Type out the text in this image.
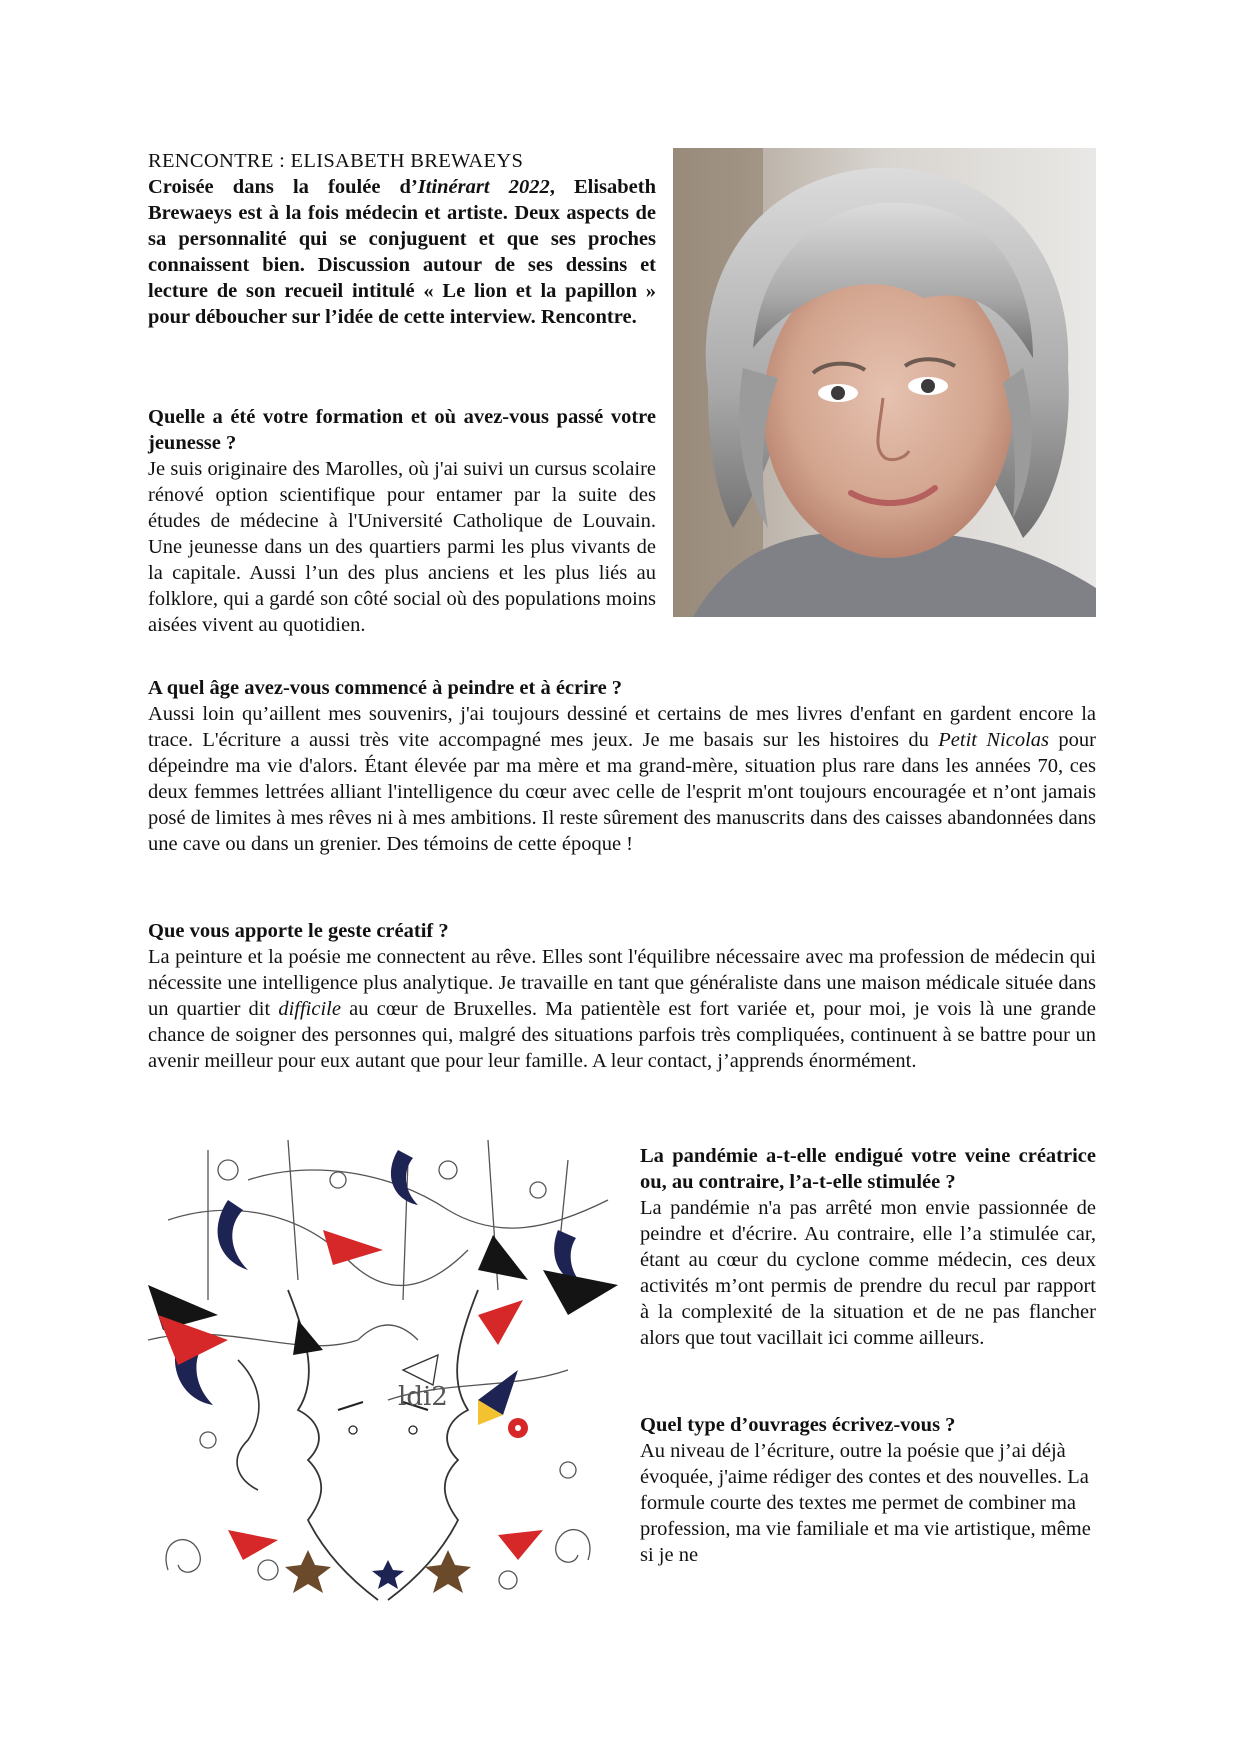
RENCONTRE : ELISABETH BREWAEYS

Croisée dans la foulée d’Itinérart 2022, Elisabeth Brewaeys est à la fois médecin et artiste. Deux aspects de sa personnalité qui se conjuguent et que ses proches connaissent bien. Discussion autour de ses dessins et lecture de son recueil intitulé « Le lion et la papillon » pour déboucher sur l’idée de cette interview. Rencontre.

Quelle a été votre formation et où avez-vous passé votre jeunesse ?

Je suis originaire des Marolles, où j'ai suivi un cursus scolaire rénové option scientifique pour entamer par la suite des études de médecine à l'Université Catholique de Louvain. Une jeunesse dans un des quartiers parmi les plus vivants de la capitale. Aussi l’un des plus anciens et les plus liés au folklore, qui a gardé son côté social où des populations moins aisées vivent au quotidien.

A quel âge avez-vous commencé à peindre et à écrire ?

Aussi loin qu’aillent mes souvenirs, j'ai toujours dessiné et certains de mes livres d'enfant en gardent encore la trace. L'écriture a aussi très vite accompagné mes jeux. Je me basais sur les histoires du Petit Nicolas pour dépeindre ma vie d'alors. Étant élevée par ma mère et ma grand-mère, situation plus rare dans les années 70, ces deux femmes lettrées alliant l'intelligence du cœur avec celle de l'esprit m'ont toujours encouragée et n’ont jamais posé de limites à mes rêves ni à mes ambitions. Il reste sûrement des manuscrits dans des caisses abandonnées dans une cave ou dans un grenier. Des témoins de cette époque !

Que vous apporte le geste créatif ?

La peinture et la poésie me connectent au rêve. Elles sont l'équilibre nécessaire avec ma profession de médecin qui nécessite une intelligence plus analytique. Je travaille en tant que généraliste dans une maison médicale située dans un quartier dit difficile au cœur de Bruxelles. Ma patientèle est fort variée et, pour moi, je vois là une grande chance de soigner des personnes qui, malgré des situations parfois très compliquées, continuent à se battre pour un avenir meilleur pour eux autant que pour leur famille. A leur contact, j’apprends énormément.

ldi2

La pandémie a-t-elle endigué votre veine créatrice ou, au contraire, l’a-t-elle stimulée ?

La pandémie n'a pas arrêté mon envie passionnée de peindre et d'écrire. Au contraire, elle l’a stimulée car, étant au cœur du cyclone comme médecin, ces deux activités m’ont permis de prendre du recul par rapport à la complexité de la situation et de ne pas flancher alors que tout vacillait ici comme ailleurs.

Quel type d’ouvrages écrivez-vous ?

Au niveau de l’écriture, outre la poésie que j’ai déjà évoquée, j'aime rédiger des contes et des nouvelles. La formule courte des textes me permet de combiner ma profession, ma vie familiale et ma vie artistique, même si je ne
